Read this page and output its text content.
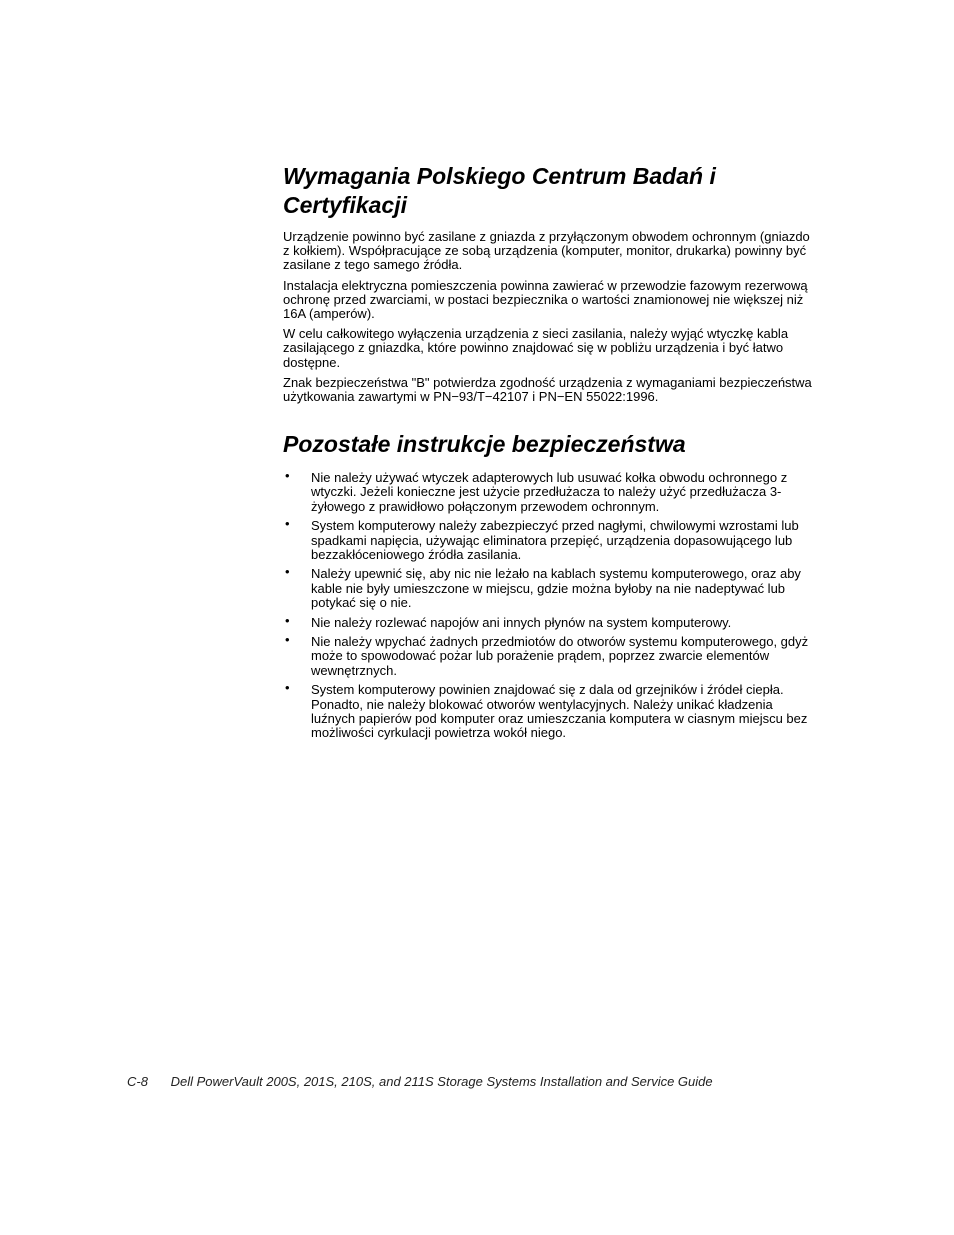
Wymagania Polskiego Centrum Badań i Certyfikacji

Urządzenie powinno być zasilane z gniazda z przyłączonym obwodem ochronnym (gniazdo z kołkiem). Współpracujące ze sobą urządzenia (komputer, monitor, drukarka) powinny być zasilane z tego samego źródła.

Instalacja elektryczna pomieszczenia powinna zawierać w przewodzie fazowym rezerwową ochronę przed zwarciami, w postaci bezpiecznika o wartości znamionowej nie większej niż 16A (amperów).

W celu całkowitego wyłączenia urządzenia z sieci zasilania, należy wyjąć wtyczkę kabla zasilającego z gniazdka, które powinno znajdować się w pobliżu urządzenia i być łatwo dostępne.

Znak bezpieczeństwa "B" potwierdza zgodność urządzenia z wymaganiami bezpieczeństwa użytkowania zawartymi w PN−93/T−42107 i PN−EN 55022:1996.

Pozostałe instrukcje bezpieczeństwa
• Nie należy używać wtyczek adapterowych lub usuwać kołka obwodu ochronnego z wtyczki. Jeżeli konieczne jest użycie przedłużacza to należy użyć przedłużacza 3-żyłowego z prawidłowo połączonym przewodem ochronnym.
• System komputerowy należy zabezpieczyć przed nagłymi, chwilowymi wzrostami lub spadkami napięcia, używając eliminatora przepięć, urządzenia dopasowującego lub bezzakłóceniowego źródła zasilania.
• Należy upewnić się, aby nic nie leżało na kablach systemu komputerowego, oraz aby kable nie były umieszczone w miejscu, gdzie można byłoby na nie nadeptywać lub potykać się o nie.
• Nie należy rozlewać napojów ani innych płynów na system komputerowy.
• Nie należy wpychać żadnych przedmiotów do otworów systemu komputerowego, gdyż może to spowodować pożar lub porażenie prądem, poprzez zwarcie elementów wewnętrznych.
• System komputerowy powinien znajdować się z dala od grzejników i źródeł ciepła. Ponadto, nie należy blokować otworów wentylacyjnych. Należy unikać kładzenia luźnych papierów pod komputer oraz umieszczania komputera w ciasnym miejscu bez możliwości cyrkulacji powietrza wokół niego.
C-8 Dell PowerVault 200S, 201S, 210S, and 211S Storage Systems Installation and Service Guide
